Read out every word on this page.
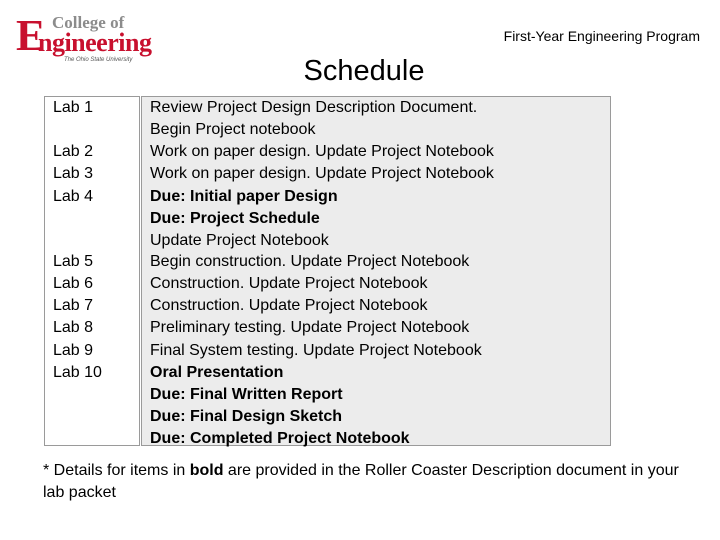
E College of
ngineering
The Ohio State University
First-Year Engineering Program
Schedule
Lab 1
Lab 2
Lab 3
Lab 4
Lab 5
Lab 6
Lab 7
Lab 8
Lab 9
Lab 10
Review Project Design Description Document.
Begin Project notebook
Work on paper design. Update Project Notebook
Work on paper design. Update Project Notebook
Due: Initial paper Design
Due: Project Schedule
Update Project Notebook
Begin construction. Update Project Notebook
Construction. Update Project Notebook
Construction. Update Project Notebook
Preliminary testing. Update Project Notebook
Final System testing. Update Project Notebook
Oral Presentation
Due: Final Written Report
Due: Final Design Sketch
Due: Completed Project Notebook
* Details for items in bold are provided in the Roller Coaster Description document in your lab packet
